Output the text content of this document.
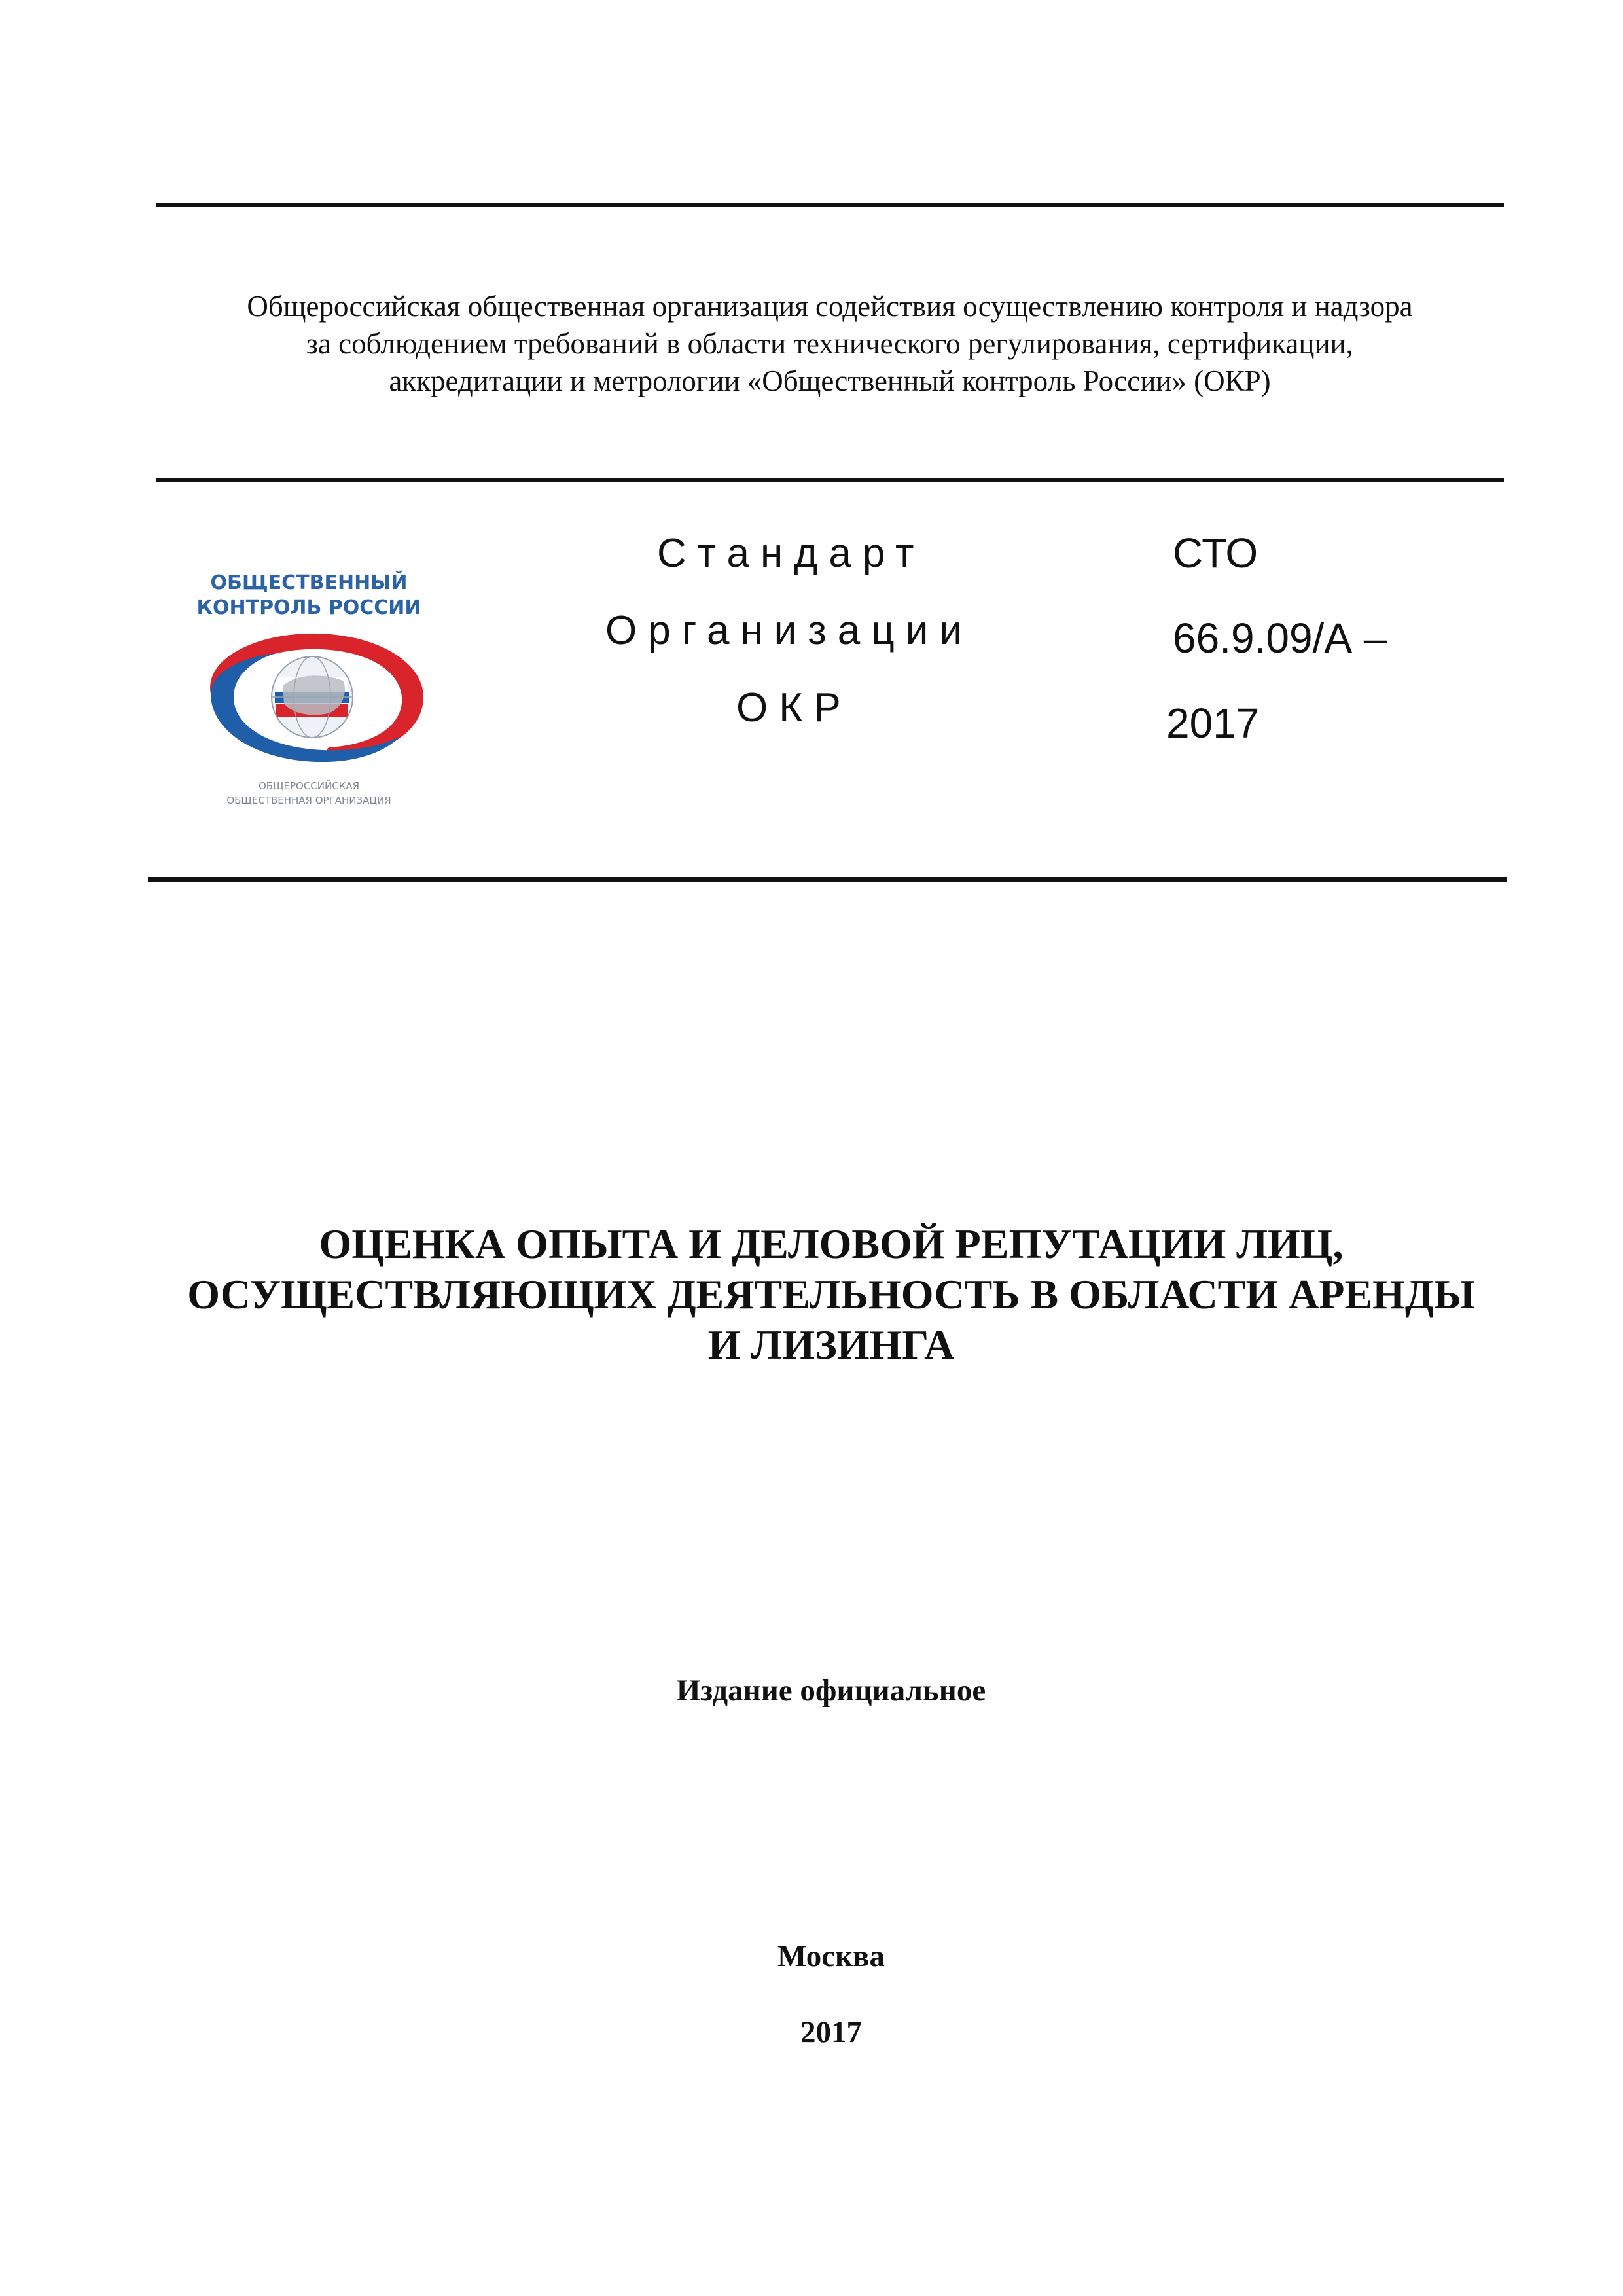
Общероссийская общественная организация содействия осуществлению контроля и надзора
за соблюдением требований в области технического регулирования, сертификации,
аккредитации и метрологии «Общественный контроль России» (ОКР)
ОБЩЕСТВЕННЫЙ
КОНТРОЛЬ РОССИИ
ОБЩЕРОССИЙСКАЯ
ОБЩЕСТВЕННАЯ ОРГАНИЗАЦИЯ
Стандарт
Организации
ОКР
СТО
66.9.09/А –
2017
ОЦЕНКА ОПЫТА И ДЕЛОВОЙ РЕПУТАЦИИ ЛИЦ,
ОСУЩЕСТВЛЯЮЩИХ ДЕЯТЕЛЬНОСТЬ В ОБЛАСТИ АРЕНДЫ
И ЛИЗИНГА
Издание официальное
Москва
2017
